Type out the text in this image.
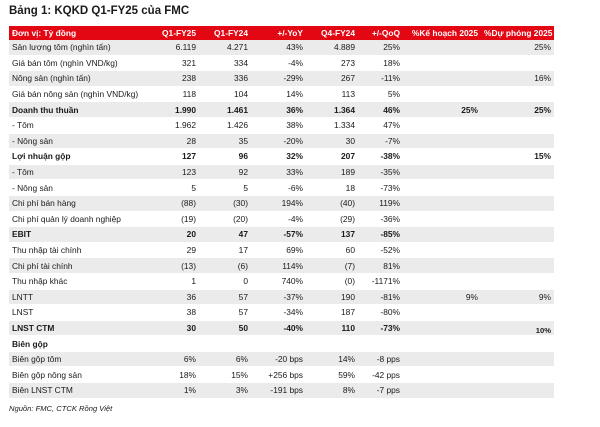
Bảng 1: KQKD Q1-FY25 của FMC
Đơn vị: Tỷ đồng	Q1-FY25	Q1-FY24	+/-YoY	Q4-FY24	+/-QoQ	%Kế hoạch 2025	%Dự phóng 2025
Sản lượng tôm (nghìn tấn)	6.119	4.271	43%	4.889	25%		25%
Giá bán tôm (nghìn VND/kg)	321	334	-4%	273	18%		
Nông sản (nghìn tấn)	238	336	-29%	267	-11%		16%
Giá bán nông sản (nghìn VND/kg)	118	104	14%	113	5%		
Doanh thu thuần	1.990	1.461	36%	1.364	46%	25%	25%
- Tôm	1.962	1.426	38%	1.334	47%		
- Nông sản	28	35	-20%	30	-7%		
Lợi nhuận gộp	127	96	32%	207	-38%		15%
- Tôm	123	92	33%	189	-35%		
- Nông sản	5	5	-6%	18	-73%		
Chi phí bán hàng	(88)	(30)	194%	(40)	119%		
Chi phí quản lý doanh nghiệp	(19)	(20)	-4%	(29)	-36%		
EBIT	20	47	-57%	137	-85%		
Thu nhập tài chính	29	17	69%	60	-52%		
Chi phí tài chính	(13)	(6)	114%	(7)	81%		
Thu nhập khác	1	0	740%	(0)	-1171%		
LNTT	36	57	-37%	190	-81%	9%	9%
LNST	38	57	-34%	187	-80%		
LNST CTM	30	50	-40%	110	-73%		10%
Biên gộp							
Biên gộp tôm	6%	6%	-20 bps	14%	-8 pps		
Biên gộp nông sản	18%	15%	+256 bps	59%	-42 pps		
Biên LNST CTM	1%	3%	-191 bps	8%	-7 pps		
Nguồn: FMC, CTCK Rồng Việt
